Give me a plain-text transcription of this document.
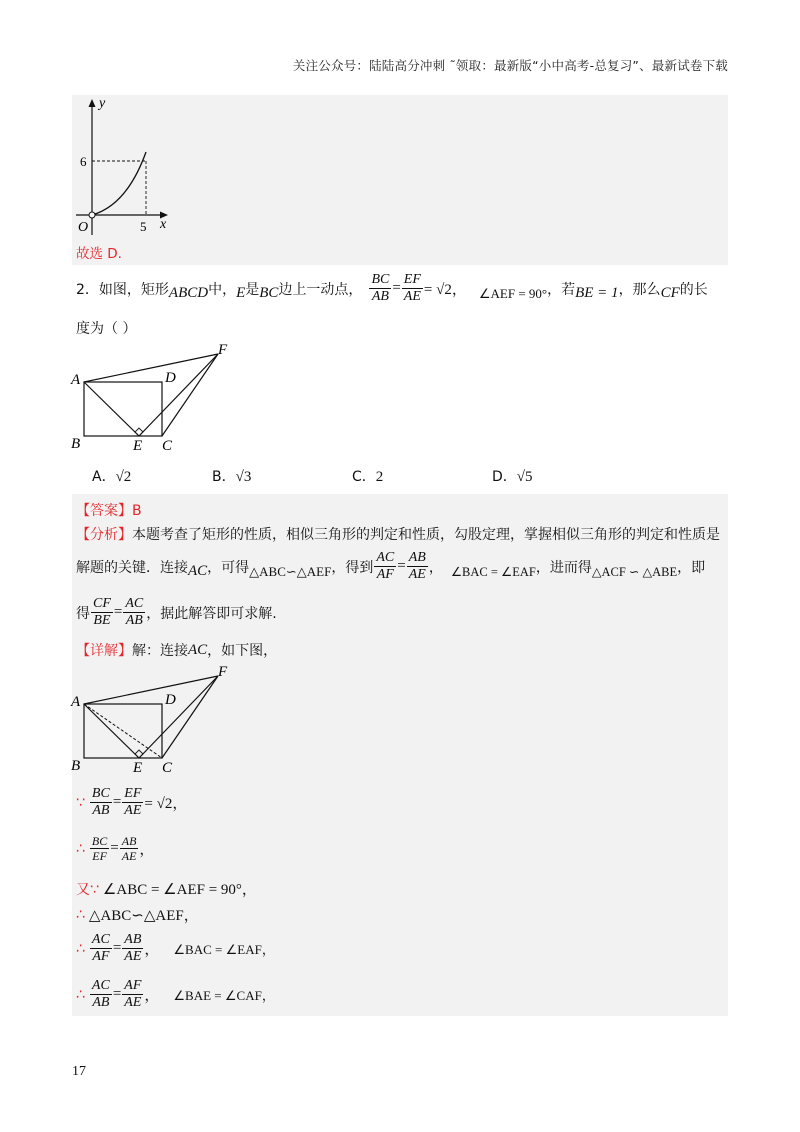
关注公众号：陆陆高分冲刺 ˜领取：最新版“小中高考-总复习”、最新试卷下载
y
x
O
6
5
故选 D.
2． 如图，矩形 ABCD 中， E 是 BC 边上一动点， $\frac{BC}{AB} = \frac{EF}{AE} = √2$， ∠AEF = 90° ，若 BE = 1 ，那么 CF 的长
度为（ ）
A
B	C
D
E
F
A．√2	B．√3	C．2	D．√5
【答案】B
【分析】本题考查了矩形的性质，相似三角形的判定和性质，勾股定理，掌握相似三角形的判定和性质是
解题的关键．连接 AC ，可得 △ABC∽△AEF ，得到 $\frac{AC}{AF} = \frac{AB}{AE}$ ， ∠BAC = ∠EAF ，进而得 △ACF ∽ △ABE ，即
得 $\frac{CF}{BE} = \frac{AC}{AB}$ ，据此解答即可求解.
【详解】 解：连接 AC ，如下图，
A
B	C
D
E
F
∵ $\frac{BC}{AB} = \frac{EF}{AE} = √2$，
∴ $\frac{BC}{EF} = \frac{AB}{AE}$ ，
又∵ ∠ABC = ∠AEF = 90°，
∴ △ABC∽△AEF，
∴ $\frac{AC}{AF} = \frac{AB}{AE}$ ， ∠BAC = ∠EAF，
∴ $\frac{AC}{AB} = \frac{AF}{AE}$ ， ∠BAE = ∠CAF，
17
